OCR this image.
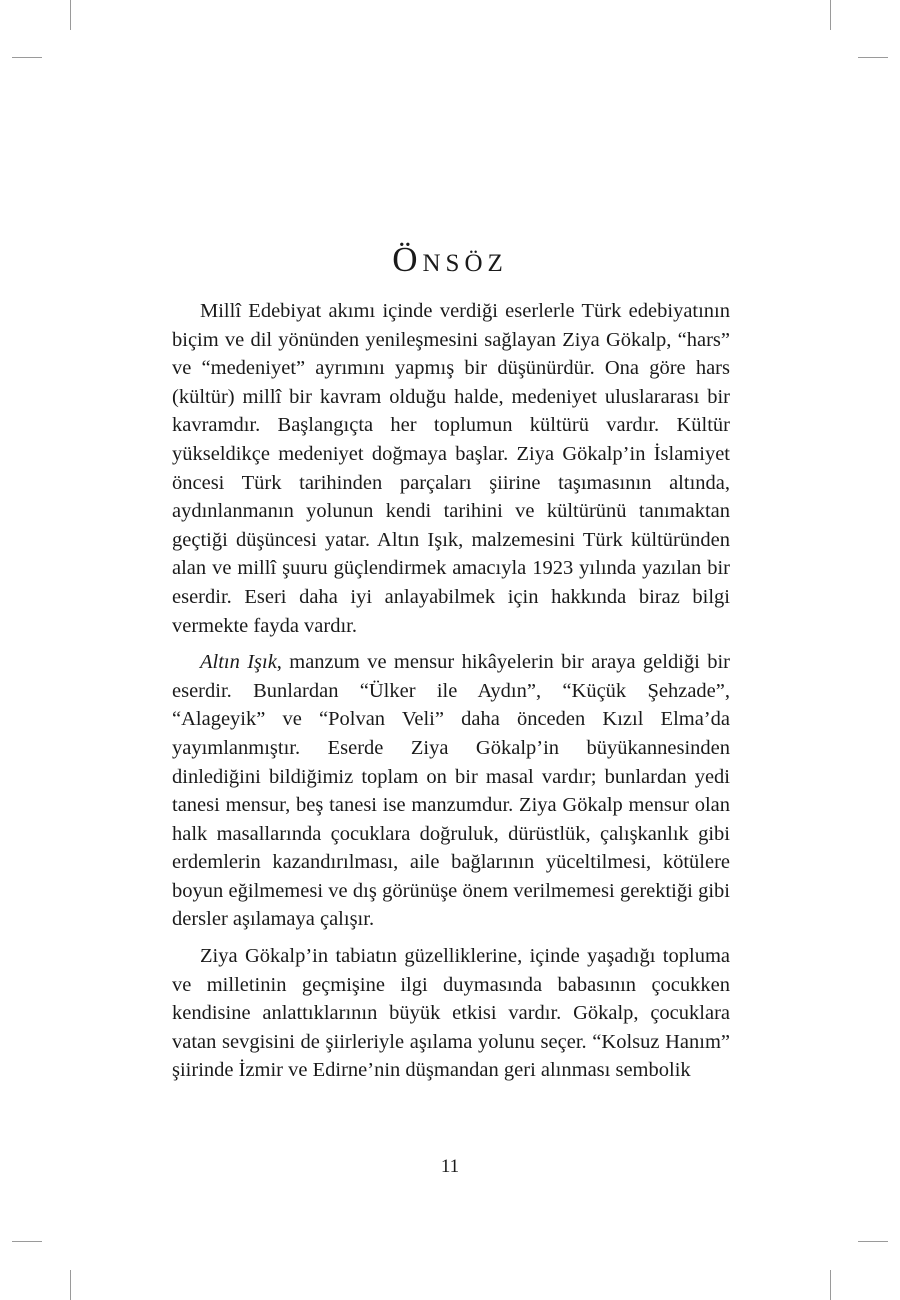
Önsöz

Millî Edebiyat akımı içinde verdiği eserlerle Türk edebiyatının biçim ve dil yönünden yenileşmesini sağlayan Ziya Gökalp, “hars” ve “medeniyet” ayrımını yapmış bir düşünürdür. Ona göre hars (kültür) millî bir kavram olduğu halde, medeniyet uluslararası bir kavramdır. Başlangıçta her toplumun kültürü vardır. Kültür yükseldikçe medeniyet doğmaya başlar. Ziya Gökalp’in İslamiyet öncesi Türk tarihinden parçaları şiirine taşımasının altında, aydınlanmanın yolunun kendi tarihini ve kültürünü tanımaktan geçtiği düşüncesi yatar. Altın Işık, malzemesini Türk kültüründen alan ve millî şuuru güçlendirmek amacıyla 1923 yılında yazılan bir eserdir. Eseri daha iyi anlayabilmek için hakkında biraz bilgi vermekte fayda vardır.

Altın Işık, manzum ve mensur hikâyelerin bir araya geldiği bir eserdir. Bunlardan “Ülker ile Aydın”, “Küçük Şehzade”, “Alageyik” ve “Polvan Veli” daha önceden Kızıl Elma’da yayımlanmıştır. Eserde Ziya Gökalp’in büyükannesinden dinlediğini bildiğimiz toplam on bir masal vardır; bunlardan yedi tanesi mensur, beş tanesi ise manzumdur. Ziya Gökalp mensur olan halk masallarında çocuklara doğruluk, dürüstlük, çalışkanlık gibi erdemlerin kazandırılması, aile bağlarının yüceltilmesi, kötülere boyun eğilmemesi ve dış görünüşe önem verilmemesi gerektiği gibi dersler aşılamaya çalışır.

Ziya Gökalp’in tabiatın güzelliklerine, içinde yaşadığı topluma ve milletinin geçmişine ilgi duymasında babasının çocukken kendisine anlattıklarının büyük etkisi vardır. Gökalp, çocuklara vatan sevgisini de şiirleriyle aşılama yolunu seçer. “Kolsuz Hanım” şiirinde İzmir ve Edirne’nin düşmandan geri alınması sembolik

11
